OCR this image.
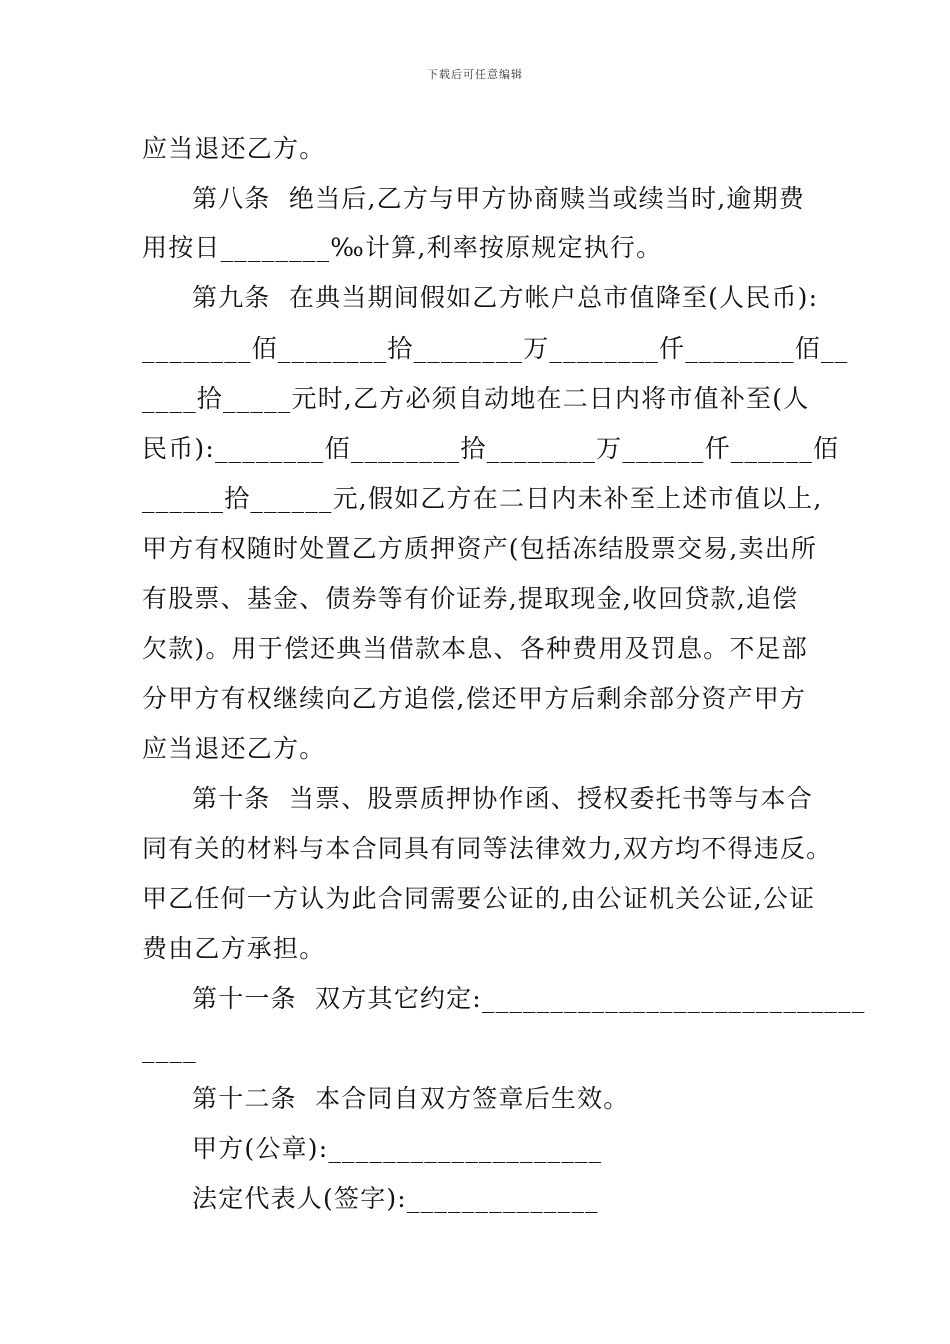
下载后可任意编辑
应当退还乙方。
第八条  绝当后,乙方与甲方协商赎当或续当时,逾期费
用按日________‰计算,利率按原规定执行。
第九条  在典当期间假如乙方帐户总市值降至(人民币):
________佰________拾________万________仟________佰__
____拾_____元时,乙方必须自动地在二日内将市值补至(人
民币):________佰________拾________万______仟______佰
______拾______元,假如乙方在二日内未补至上述市值以上,
甲方有权随时处置乙方质押资产(包括冻结股票交易,卖出所
有股票、基金、债券等有价证券,提取现金,收回贷款,追偿
欠款)。用于偿还典当借款本息、各种费用及罚息。不足部
分甲方有权继续向乙方追偿,偿还甲方后剩余部分资产甲方
应当退还乙方。
第十条  当票、股票质押协作函、授权委托书等与本合
同有关的材料与本合同具有同等法律效力,双方均不得违反。
甲乙任何一方认为此合同需要公证的,由公证机关公证,公证
费由乙方承担。
第十一条  双方其它约定:____________________________
____
第十二条  本合同自双方签章后生效。
甲方(公章):____________________
法定代表人(签字):______________
